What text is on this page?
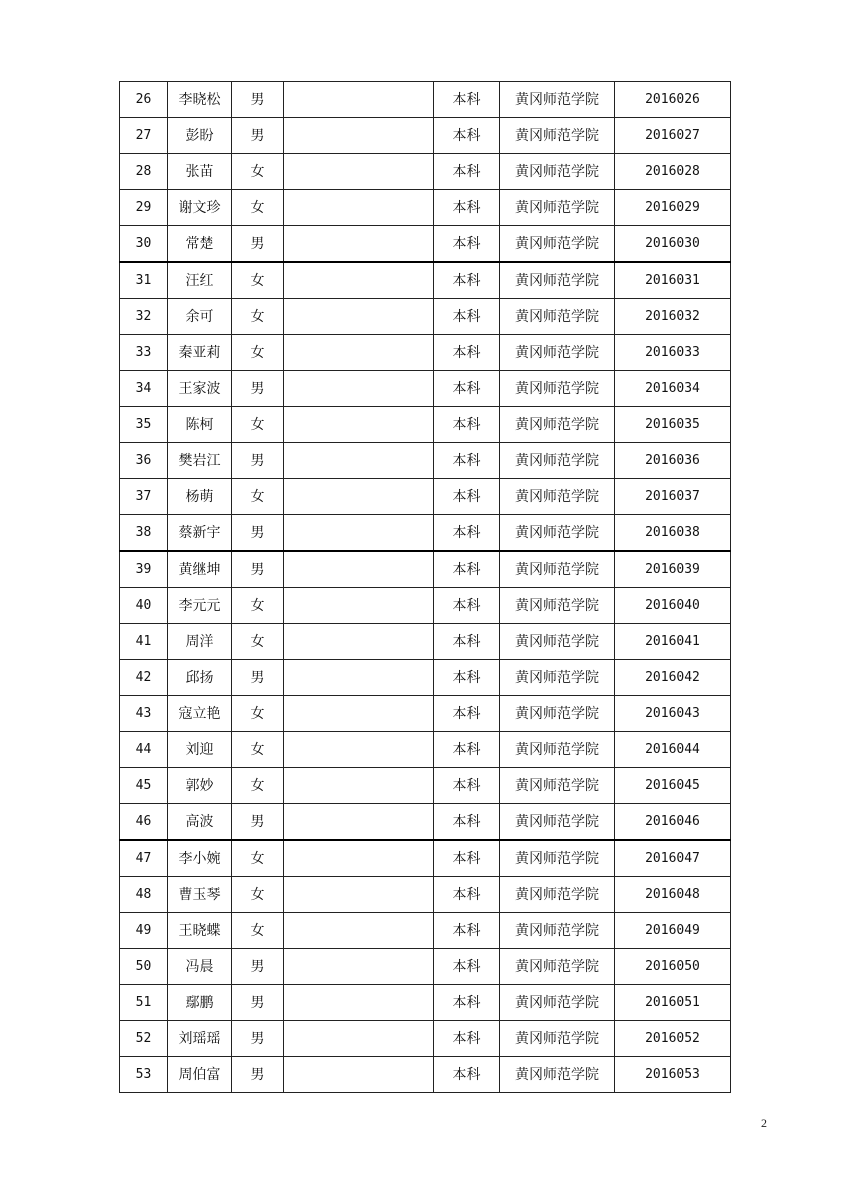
26	李晓松	男		本科	黄冈师范学院	2016026
27	彭盼	男		本科	黄冈师范学院	2016027
28	张苗	女		本科	黄冈师范学院	2016028
29	谢文珍	女		本科	黄冈师范学院	2016029
30	常楚	男		本科	黄冈师范学院	2016030
31	汪红	女		本科	黄冈师范学院	2016031
32	余可	女		本科	黄冈师范学院	2016032
33	秦亚莉	女		本科	黄冈师范学院	2016033
34	王家波	男		本科	黄冈师范学院	2016034
35	陈柯	女		本科	黄冈师范学院	2016035
36	樊岩江	男		本科	黄冈师范学院	2016036
37	杨萌	女		本科	黄冈师范学院	2016037
38	蔡新宇	男		本科	黄冈师范学院	2016038
39	黄继坤	男		本科	黄冈师范学院	2016039
40	李元元	女		本科	黄冈师范学院	2016040
41	周洋	女		本科	黄冈师范学院	2016041
42	邱扬	男		本科	黄冈师范学院	2016042
43	寇立艳	女		本科	黄冈师范学院	2016043
44	刘迎	女		本科	黄冈师范学院	2016044
45	郭妙	女		本科	黄冈师范学院	2016045
46	高波	男		本科	黄冈师范学院	2016046
47	李小婉	女		本科	黄冈师范学院	2016047
48	曹玉琴	女		本科	黄冈师范学院	2016048
49	王晓蝶	女		本科	黄冈师范学院	2016049
50	冯晨	男		本科	黄冈师范学院	2016050
51	鄢鹏	男		本科	黄冈师范学院	2016051
52	刘瑶瑶	男		本科	黄冈师范学院	2016052
53	周伯富	男		本科	黄冈师范学院	2016053
2
